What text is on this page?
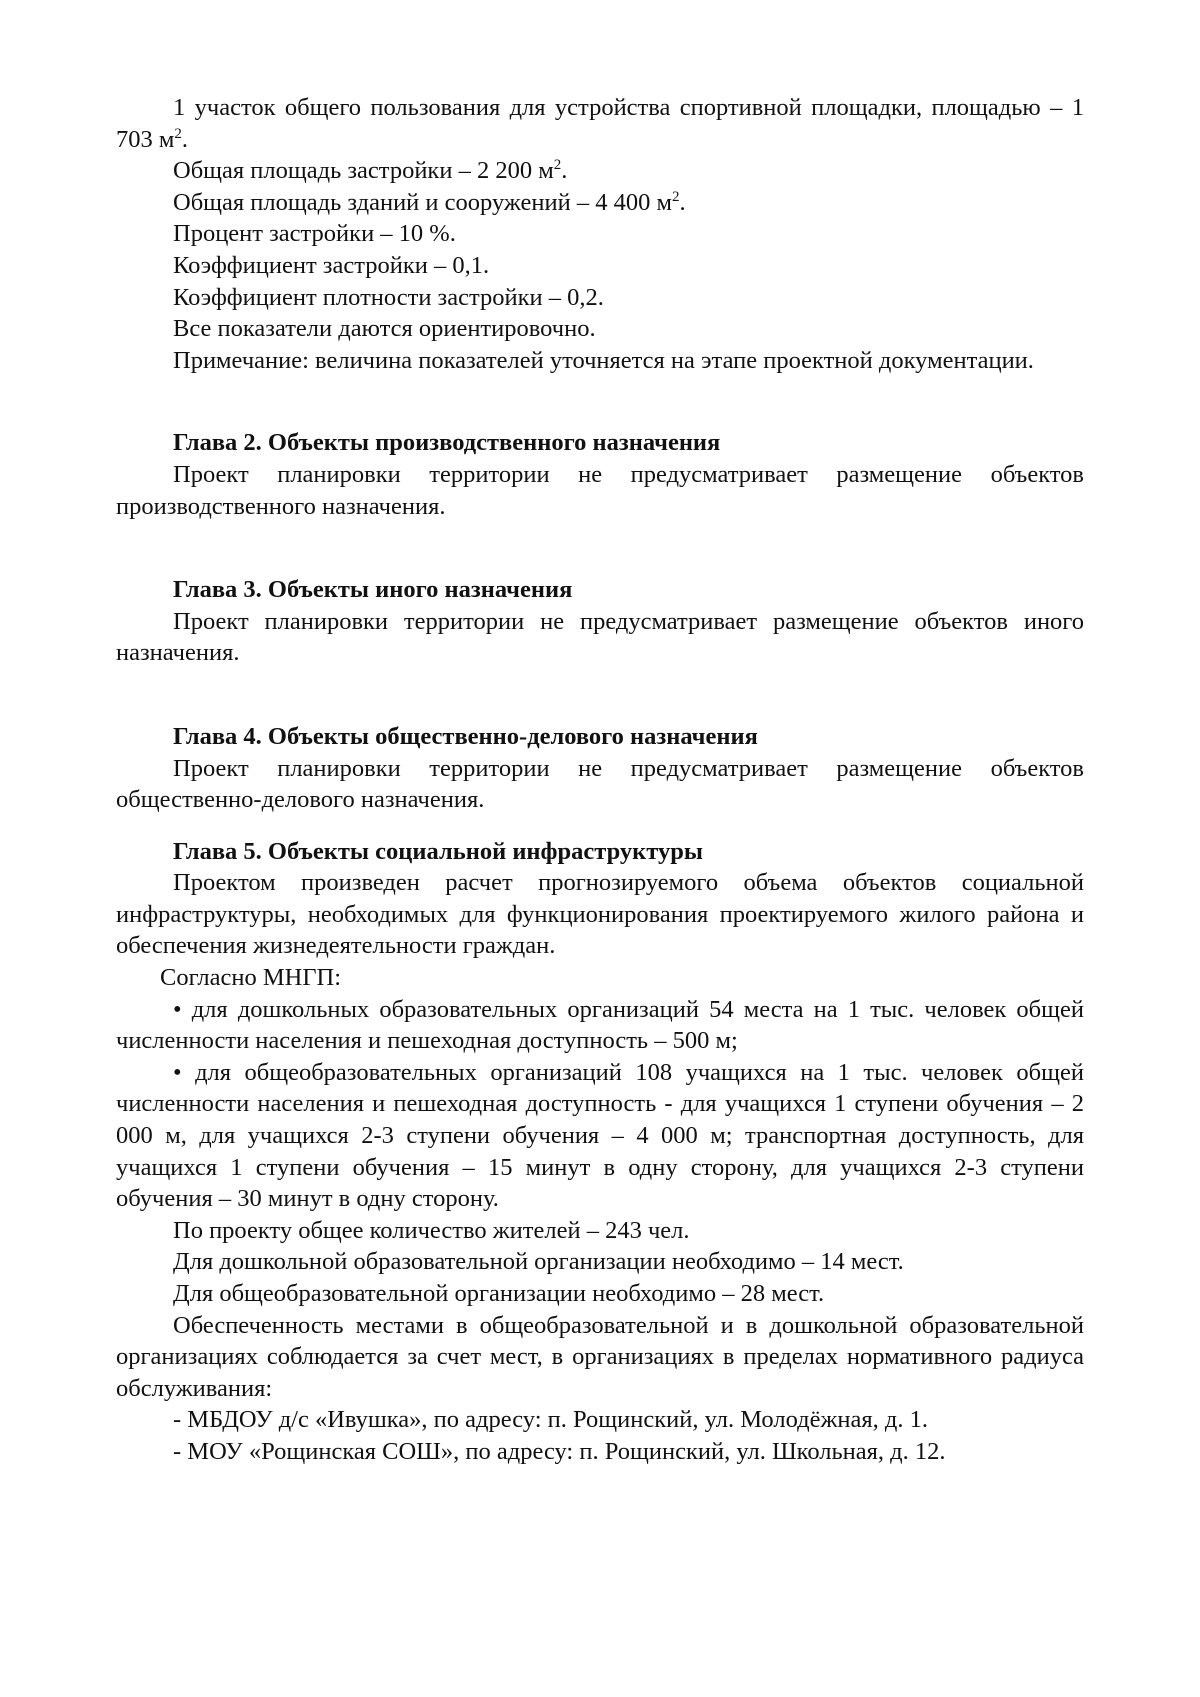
1 участок общего пользования для устройства спортивной площадки, площадью – 1 703 $м^2$.

Общая площадь застройки – 2 200 $м^2$.

Общая площадь зданий и сооружений – 4 400 $м^2$.

Процент застройки – 10 %.

Коэффициент застройки – 0,1.

Коэффициент плотности застройки – 0,2.

Все показатели даются ориентировочно.

Примечание: величина показателей уточняется на этапе проектной документации.

Глава 2. Объекты производственного назначения

Проект планировки территории не предусматривает размещение объектов производственного назначения.

Глава 3. Объекты иного назначения

Проект планировки территории не предусматривает размещение объектов иного назначения.

Глава 4. Объекты общественно-делового назначения

Проект планировки территории не предусматривает размещение объектов общественно-делового назначения.

Глава 5. Объекты социальной инфраструктуры

Проектом произведен расчет прогнозируемого объема объектов социальной инфраструктуры, необходимых для функционирования проектируемого жилого района и обеспечения жизнедеятельности граждан.

Согласно МНГП:

• для дошкольных образовательных организаций 54 места на 1 тыс. человек общей численности населения и пешеходная доступность – 500 м;

• для общеобразовательных организаций 108 учащихся на 1 тыс. человек общей численности населения и пешеходная доступность - для учащихся 1 ступени обучения – 2 000 м, для учащихся 2-3 ступени обучения – 4 000 м; транспортная доступность, для учащихся 1 ступени обучения – 15 минут в одну сторону, для учащихся 2-3 ступени обучения – 30 минут в одну сторону.

По проекту общее количество жителей – 243 чел.

Для дошкольной образовательной организации необходимо – 14 мест.

Для общеобразовательной организации необходимо – 28 мест.

Обеспеченность местами в общеобразовательной и в дошкольной образовательной организациях соблюдается за счет мест, в организациях в пределах нормативного радиуса обслуживания:

- МБДОУ д/с «Ивушка», по адресу: п. Рощинский, ул. Молодёжная, д. 1.

- МОУ «Рощинская СОШ», по адресу: п. Рощинский, ул. Школьная, д. 12.
